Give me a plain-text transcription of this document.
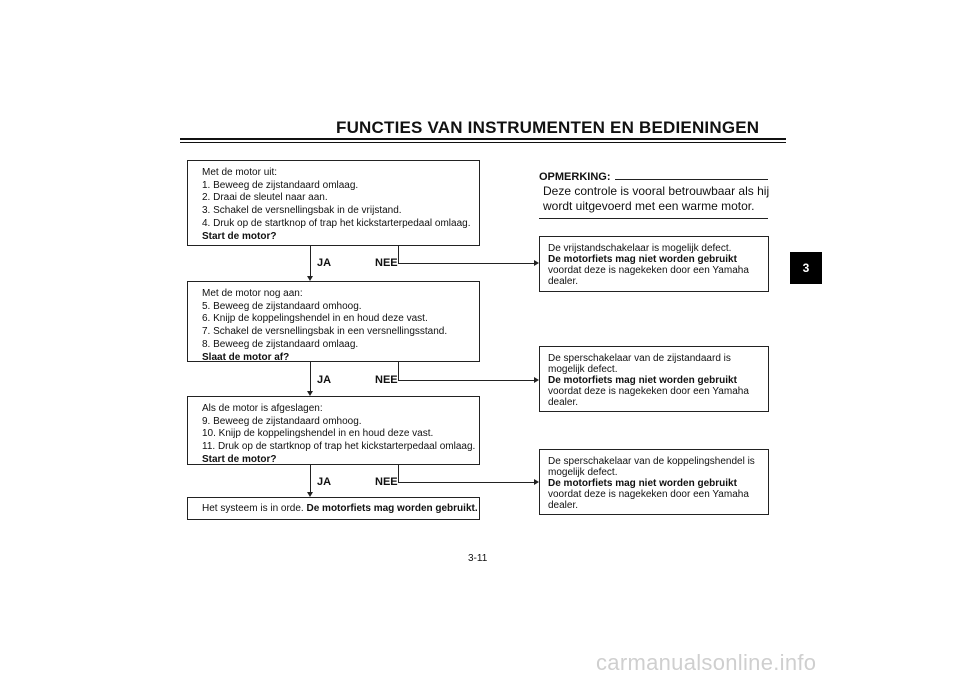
FUNCTIES VAN INSTRUMENTEN EN BEDIENINGEN
3
Met de motor uit:
1. Beweeg de zijstandaard omlaag.
2. Draai de sleutel naar aan.
3. Schakel de versnellingsbak in de vrijstand.
4. Druk op de startknop of trap het kickstarterpedaal omlaag.
Start de motor?
JA	NEE
Met de motor nog aan:
5. Beweeg de zijstandaard omhoog.
6. Knijp de koppelingshendel in en houd deze vast.
7. Schakel de versnellingsbak in een versnellingsstand.
8. Beweeg de zijstandaard omlaag.
Slaat de motor af?
JA	NEE
Als de motor is afgeslagen:
9. Beweeg de zijstandaard omhoog.
10. Knijp de koppelingshendel in en houd deze vast.
11. Druk op de startknop of trap het kickstarterpedaal omlaag.
Start de motor?
JA	NEE
Het systeem is in orde. De motorfiets mag worden gebruikt.
OPMERKING:
Deze controle is vooral betrouwbaar als hij wordt uitgevoerd met een warme motor.
De vrijstandschakelaar is mogelijk defect.
De motorfiets mag niet worden gebruikt
voordat deze is nagekeken door een Yamaha
dealer.
De sperschakelaar van de zijstandaard is
mogelijk defect.
De motorfiets mag niet worden gebruikt
voordat deze is nagekeken door een Yamaha
dealer.
De sperschakelaar van de koppelingshendel is
mogelijk defect.
De motorfiets mag niet worden gebruikt
voordat deze is nagekeken door een Yamaha
dealer.
3-11
carmanualsonline.info
